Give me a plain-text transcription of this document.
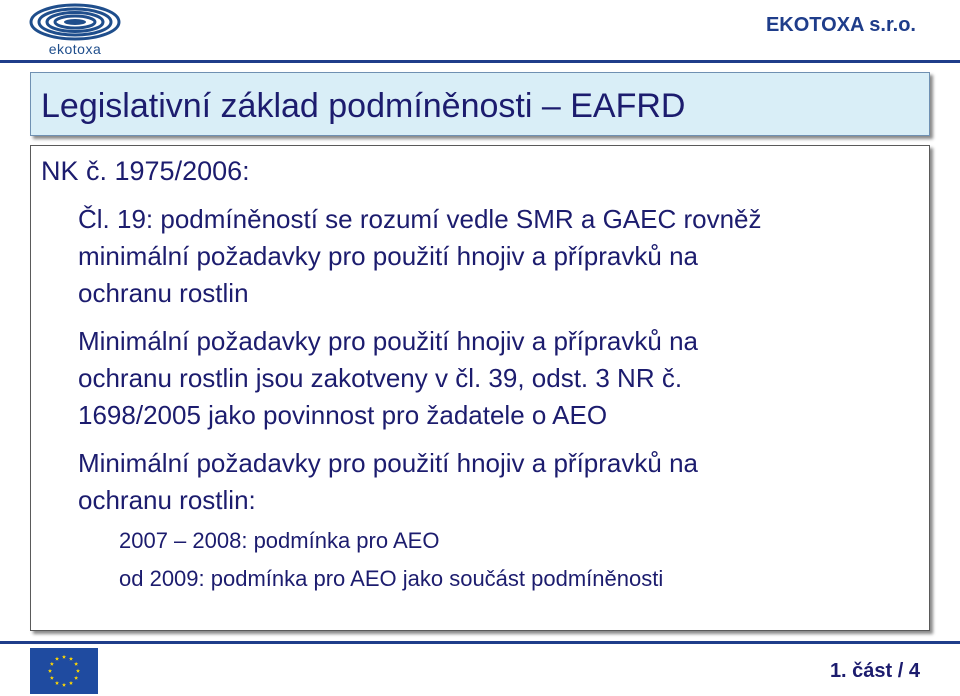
ekotoxa
EKOTOXA s.r.o.
Legislativní základ podmíněnosti – EAFRD

NK č. 1975/2006:

Čl. 19: podmíněností se rozumí vedle SMR a GAEC rovněž

minimální požadavky pro použití hnojiv a přípravků na

ochranu rostlin

Minimální požadavky pro použití hnojiv a přípravků na

ochranu rostlin jsou zakotveny v čl. 39, odst. 3 NR č.

1698/2005 jako povinnost pro žadatele o AEO

Minimální požadavky pro použití hnojiv a přípravků na

ochranu rostlin:

2007 – 2008: podmínka pro AEO

od 2009: podmínka pro AEO jako součást podmíněnosti

1. část / 4
